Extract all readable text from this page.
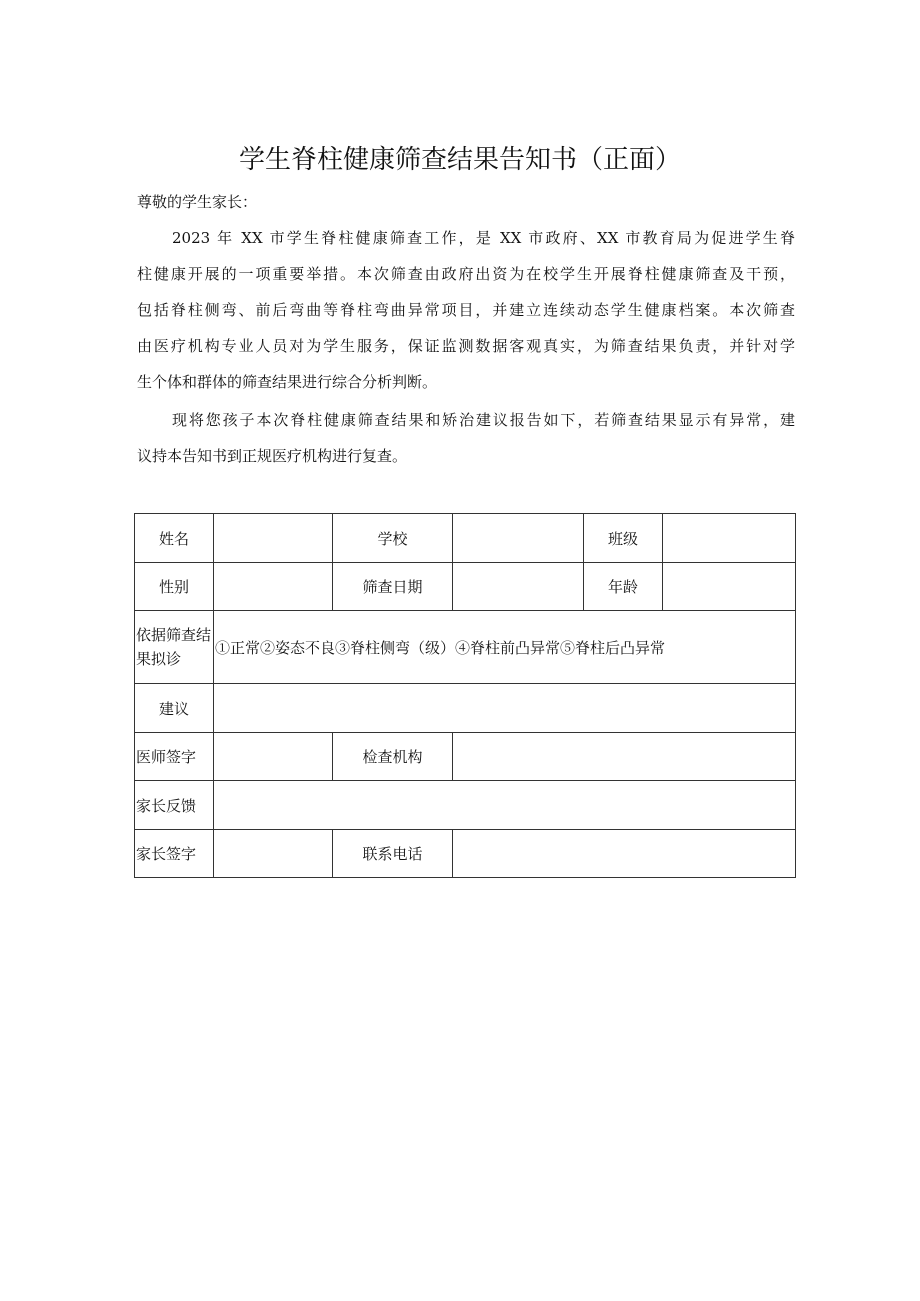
学生脊柱健康筛查结果告知书（正面）
尊敬的学生家长：
2023 年 XX 市学生脊柱健康筛查工作，是 XX 市政府、XX 市教育局为促进学生脊
柱健康开展的一项重要举措。本次筛查由政府出资为在校学生开展脊柱健康筛查及干预，
包括脊柱侧弯、前后弯曲等脊柱弯曲异常项目，并建立连续动态学生健康档案。本次筛查
由医疗机构专业人员对为学生服务，保证监测数据客观真实，为筛查结果负责，并针对学
生个体和群体的筛查结果进行综合分析判断。
现将您孩子本次脊柱健康筛查结果和矫治建议报告如下，若筛查结果显示有异常，建
议持本告知书到正规医疗机构进行复查。
姓名		学校		班级	
性别		筛查日期		年龄	
依据筛查结果拟诊	①正常②姿态不良③脊柱侧弯（级）④脊柱前凸异常⑤脊柱后凸异常				
建议					
医师签字		检查机构			
家长反馈					
家长签字		联系电话			
